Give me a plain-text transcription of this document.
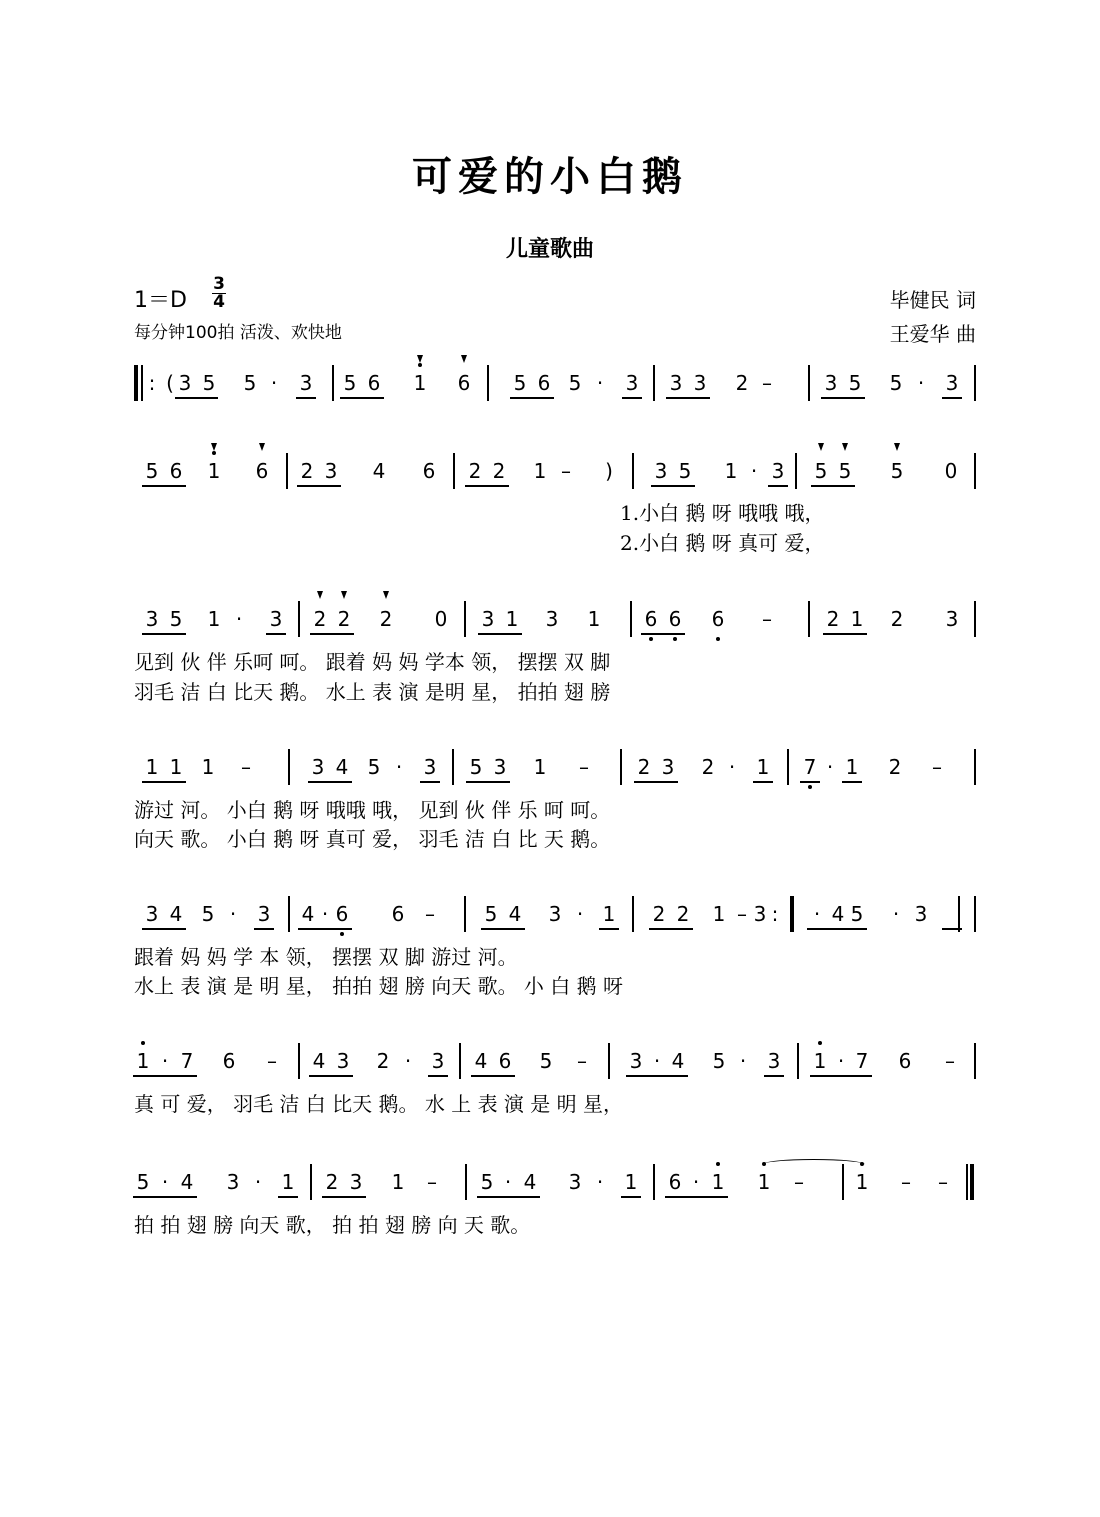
可爱的小白鹅
儿童歌曲
$1=D \frac{3}{4}$
每分钟100拍 活泼、欢快地
毕健民 词
王爱华 曲
: ( 3 5 5 ·	3 5 6 1 6 5 6 5 ·	3 3 3 2 –	3 5 5 ·	3
5 6 1 6 2 3 4 6 2 2 1 –	)	3 5 1 · 3 5 5 5 0
3 5 1 ·	3 2 2 2 0 3 1 3 1 6 6 6	–	2 1 2 3
1 1 1	–	3 4 5 ·	3 5 3 1	–	2 3 2 ·	1 7 · 1 2	–
3 4 5 ·	3 4 · 6 6	–	5 4 3 · 1 2 2 1 – 3	· 4 5	· 3
:
1 · 7 6	–	4 3 2 ·	3 4 6 5	–	3 · 4 5 ·	3 1 · 7 6	–
5 · 4 3 ·	1 2 3 1	–	5 · 4 3 ·	1 6 · 1 1	–	1	–	–
1.小白 鹅 呀 哦哦 哦，
2.小白 鹅 呀 真可 爱，
见到 伙 伴 乐呵 呵。 跟着 妈 妈 学本 领， 摆摆 双 脚
羽毛 洁 白 比天 鹅。 水上 表 演 是明 星， 拍拍 翅 膀
游过 河。 小白 鹅 呀 哦哦 哦， 见到 伙 伴 乐 呵 呵。
向天 歌。 小白 鹅 呀 真可 爱， 羽毛 洁 白 比 天 鹅。
跟着 妈 妈 学 本 领， 摆摆 双 脚 游过 河。
水上 表 演 是 明 星， 拍拍 翅 膀 向天 歌。 小 白 鹅 呀
真 可 爱， 羽毛 洁 白 比天 鹅。 水 上 表 演 是 明 星，
拍 拍 翅 膀 向天 歌， 拍 拍 翅 膀 向 天 歌。
